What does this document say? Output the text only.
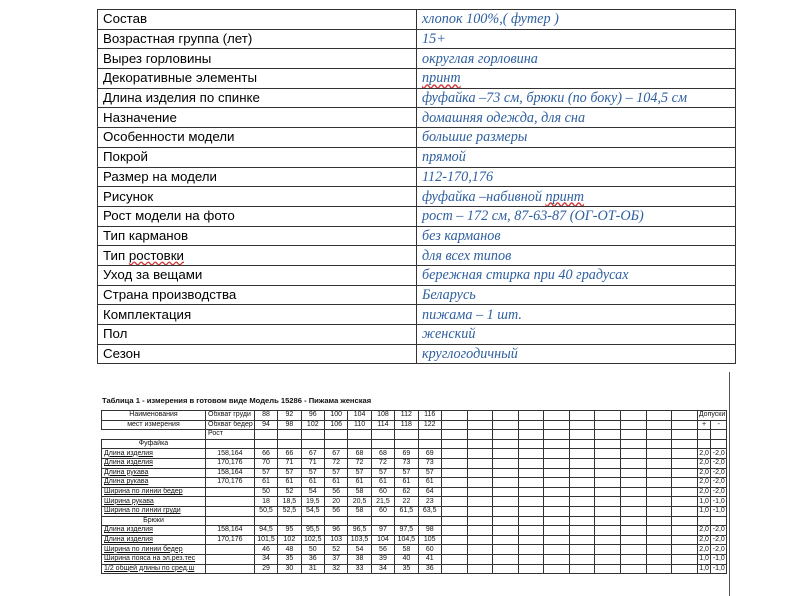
Состав	хлопок 100%,( футер )
Возрастная группа (лет)	15+
Вырез горловины	округлая горловина
Декоративные элементы	принт
Длина изделия по спинке	фуфайка –73 см, брюки (по боку) – 104,5 см
Назначение	домашняя одежда, для сна
Особенности модели	большие размеры
Покрой	прямой
Размер на модели	112-170,176
Рисунок	фуфайка –набивной принт
Рост модели на фото	рост – 172 см, 87-63-87 (ОГ-ОТ-ОБ)
Тип карманов	без карманов
Тип ростовки	для всех типов
Уход за вещами	бережная стирка при 40 градусах
Страна производства	Беларусь
Комплектация	пижама – 1 шт.
Пол	женский
Сезон	круглогодичный
Таблица 1 - измерения в готовом виде Модель 15286 - Пижама женская
Наименования	Обхват груди	88	92	96	100	104	108	112	116											Допуски	
мест измерения	Обхват бедер	94	98	102	106	110	114	118	122											+	-
	Рост																				
Фуфайка																					
Длина изделия	158,164	66	66	67	67	68	68	69	69											2,0	-2,0
Длина изделия	170,176	70	71	71	72	72	72	73	73											2,0	-2,0
Длина рукава	158,164	57	57	57	57	57	57	57	57											2,0	-2,0
Длина рукава	170,176	61	61	61	61	61	61	61	61											2,0	-2,0
Ширина по линии бедер		50	52	54	56	58	60	62	64											2,0	-2,0
Ширина рукава		18	18,5	19,5	20	20,5	21,5	22	23											1,0	-1,0
Ширина по линии груди		50,5	52,5	54,5	56	58	60	61,5	63,5											1,0	-1,0
Брюки																					
Длина изделия	158,164	94,5	95	95,5	96	96,5	97	97,5	98											2,0	-2,0
Длина изделия	170,176	101,5	102	102,5	103	103,5	104	104,5	105											2,0	-2,0
Ширина по линии бедер		46	48	50	52	54	56	58	60											2,0	-2,0
Ширина пояса на эл.рез.тес		34	35	36	37	38	39	40	41											1,0	-1,0
1/2 общей длины по сред.ш		29	30	31	32	33	34	35	36											1,0	-1,0
